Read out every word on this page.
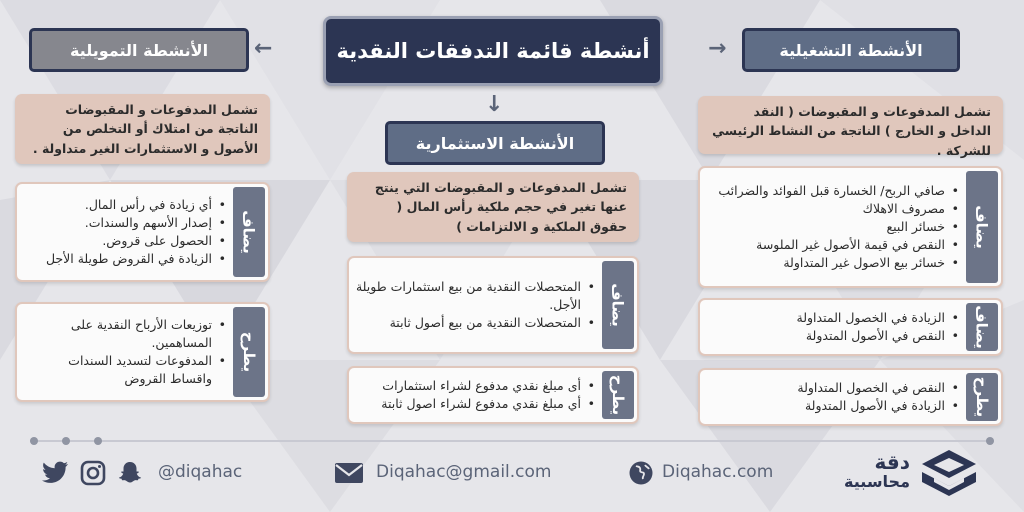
أنشطة قائمة التدفقات النقدية	→
←
↓
الأنشطة التشغيلية
تشمل المدفوعات و المقبوضات ( النقد الداخل و الخارج ) الناتجة من النشاط الرئيسي للشركة .
يضاف
• صافي الربح/ الخسارة قبل الفوائد والضرائب
• مصروف الاهلاك
• خسائر البيع
• النقص في قيمة الأصول غير الملوسة
• خسائر بيع الاصول غير المتداولة
يضاف
• الزيادة في الخصول المتداولة
• النقص في الأصول المتدولة
يطرح
• النقص في الخصول المتداولة
• الزيادة في الأصول المتدولة
الأنشطة الاستثمارية
تشمل المدفوعات و المقبوضات التي ينتج عنها تغير في حجم ملكية رأس المال ( حقوق الملكية و الالتزامات )
يضاف
• المتحصلات النقدية من بيع استثمارات طويلة الأجل.
• المتحصلات النقدية من بيع أصول ثابتة
يطرح
• أى مبلغ نقدي مدفوع لشراء استثمارات
• أي مبلغ نقدي مدفوع لشراء اصول ثابتة
الأنشطة التمويلية
تشمل المدفوعات و المقبوضات الناتجة من امتلاك أو التخلص من الأصول و الاستثمارات الغير متداولة .
يضاف
• أي زيادة في رأس المال.
• إصدار الأسهم والسندات.
• الحصول على قروض.
• الزيادة في القروض طويلة الأجل
يطرح
• توزيعات الأرباح النقدية على المساهمين.
• المدفوعات لتسديد السندات واقساط القروض
@diqahac	Diqahac@gmail.com	Diqahac.com	دقة
محاسبية
